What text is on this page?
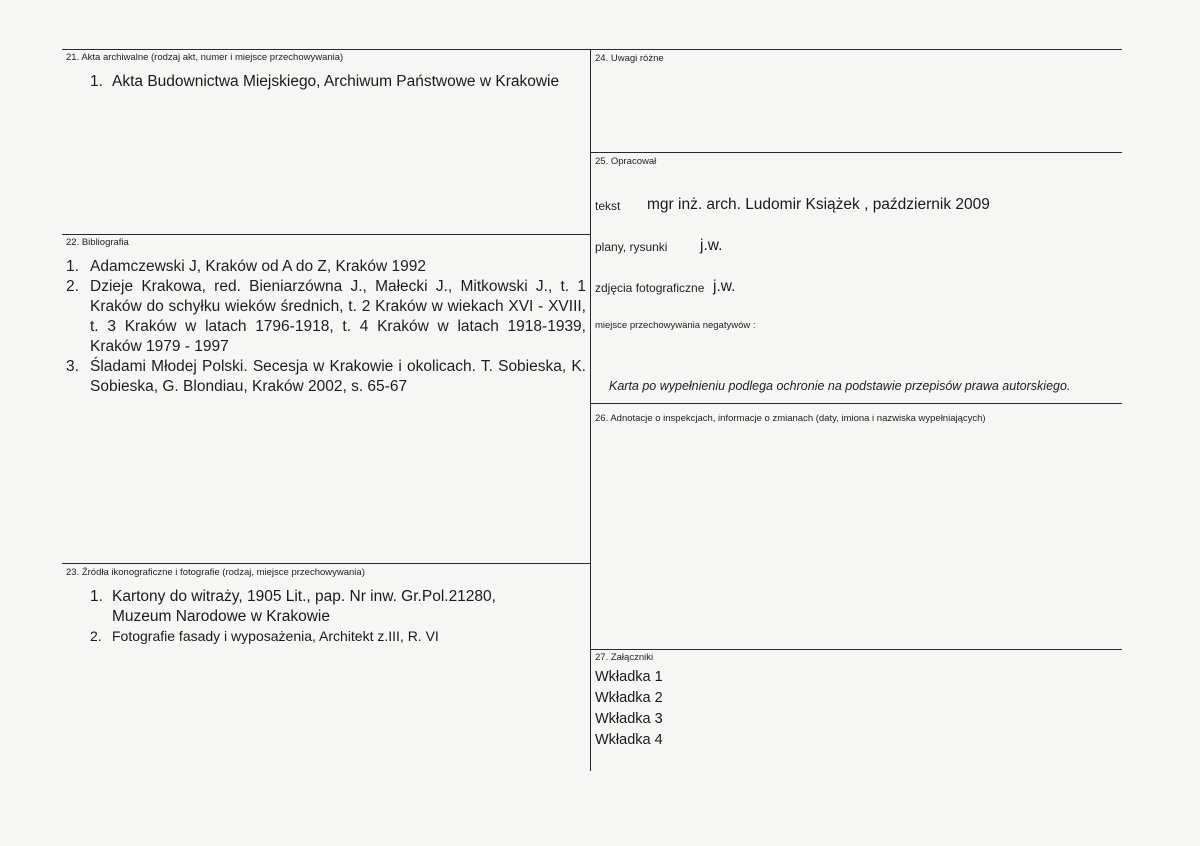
21. Akta archiwalne (rodzaj akt, numer i miejsce przechowywania)
1. Akta Budownictwa Miejskiego, Archiwum Państwowe w Krakowie
22. Bibliografia
1. Adamczewski J, Kraków od A do Z, Kraków 1992
2. Dzieje Krakowa, red. Bieniarzówna J., Małecki J., Mitkowski J., t. 1 Kraków do schyłku wieków średnich, t. 2 Kraków w wiekach XVI - XVIII, t. 3 Kraków w latach 1796-1918, t. 4 Kraków w latach 1918-1939, Kraków 1979 - 1997
3. Śladami Młodej Polski. Secesja w Krakowie i okolicach. T. Sobieska, K. Sobieska, G. Blondiau, Kraków 2002, s. 65-67
23. Źródła ikonograficzne i fotografie (rodzaj, miejsce przechowywania)
1. Kartony do witraży, 1905 Lit., pap. Nr inw. Gr.Pol.21280,
Muzeum Narodowe w Krakowie
2. Fotografie fasady i wyposażenia, Architekt z.III, R. VI
24. Uwagi różne
25. Opracował
tekst mgr inż. arch. Ludomir Książek , październik 2009
plany, rysunki j.w.
zdjęcia fotograficzne j.w.
miejsce przechowywania negatywów :
Karta po wypełnieniu podlega ochronie na podstawie przepisów prawa autorskiego.
26. Adnotacje o inspekcjach, informacje o zmianach (daty, imiona i nazwiska wypełniających)
27. Załączniki
Wkładka 1
Wkładka 2
Wkładka 3
Wkładka 4
